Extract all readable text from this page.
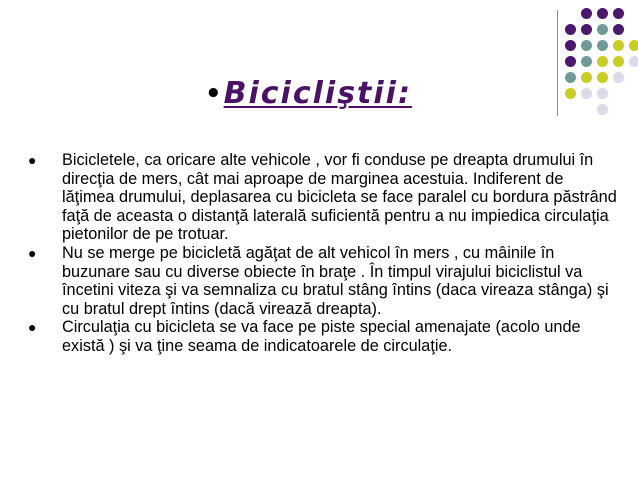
• Bicicliştii:
● Bicicletele, ca oricare alte vehicole , vor fi conduse pe dreapta drumului în direcţia de mers, cât mai aproape de marginea acestuia. Indiferent de lăţimea drumului, deplasarea cu bicicleta se face paralel cu bordura păstrând faţă de aceasta o distanţă laterală suficientă pentru a nu impiedica circulaţia pietonilor de pe trotuar.
● Nu se merge pe bicicletă agăţat de alt vehicol în mers , cu mâinile în buzunare sau cu diverse obiecte în braţe . În timpul virajului biciclistul va încetini viteza şi va semnaliza cu bratul stâng întins (daca vireaza stânga) şi cu bratul drept întins (dacă virează dreapta).
● Circulaţia cu bicicleta se va face pe piste special amenajate (acolo unde există ) şi va ţine seama de indicatoarele de circulaţie.
